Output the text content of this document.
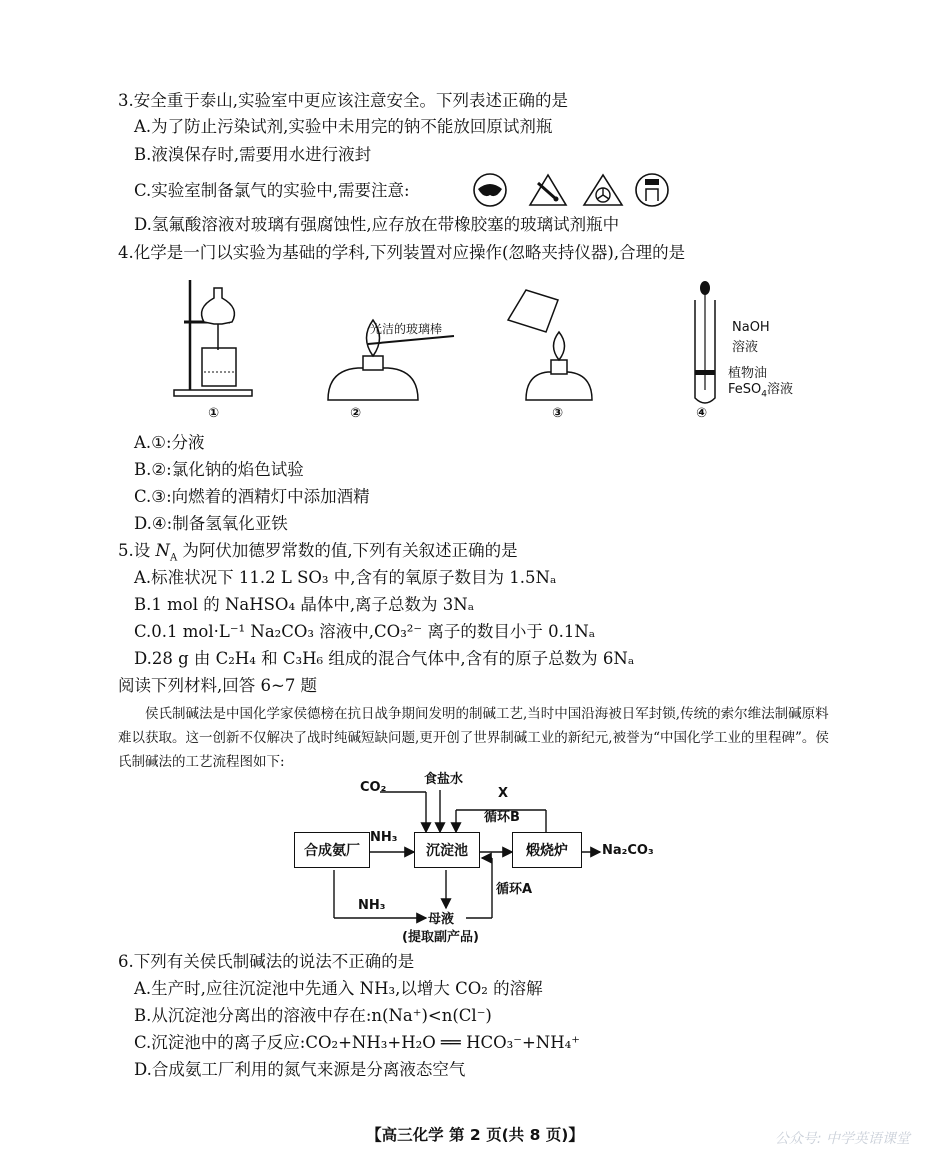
3.安全重于泰山,实验室中更应该注意安全。下列表述正确的是
A.为了防止污染试剂,实验中未用完的钠不能放回原试剂瓶
B.液溴保存时,需要用水进行液封
C.实验室制备氯气的实验中,需要注意:
D.氢氟酸溶液对玻璃有强腐蚀性,应存放在带橡胶塞的玻璃试剂瓶中
4.化学是一门以实验为基础的学科,下列装置对应操作(忽略夹持仪器),合理的是
①
光洁的玻璃棒
②	③
NaOH
溶液
植物油
FeSO$_4$溶液
④
A.①:分液
B.②:氯化钠的焰色试验
C.③:向燃着的酒精灯中添加酒精
D.④:制备氢氧化亚铁
5.设 $N_A$ 为阿伏加德罗常数的值,下列有关叙述正确的是
A.标准状况下 11.2 L SO₃ 中,含有的氧原子数目为 1.5Nₐ
B.1 mol 的 NaHSO₄ 晶体中,离子总数为 3Nₐ
C.0.1 mol·L⁻¹ Na₂CO₃ 溶液中,CO₃²⁻ 离子的数目小于 0.1Nₐ
D.28 g 由 C₂H₄ 和 C₃H₆ 组成的混合气体中,含有的原子总数为 6Nₐ
阅读下列材料,回答 6~7 题
侯氏制碱法是中国化学家侯德榜在抗日战争期间发明的制碱工艺,当时中国沿海被日军封锁,传统的索尔维法制碱原料难以获取。这一创新不仅解决了战时纯碱短缺问题,更开创了世界制碱工业的新纪元,被誉为“中国化学工业的里程碑”。侯氏制碱法的工艺流程图如下:
CO₂
食盐水
X
循环B
NH₃
合成氨厂	沉淀池	煅烧炉	Na₂CO₃
循环A
NH₃
母液
(提取副产品)
6.下列有关侯氏制碱法的说法不正确的是
A.生产时,应往沉淀池中先通入 NH₃,以增大 CO₂ 的溶解
B.从沉淀池分离出的溶液中存在:n(Na⁺)<n(Cl⁻)
C.沉淀池中的离子反应:CO₂+NH₃+H₂O ══ HCO₃⁻+NH₄⁺
D.合成氨工厂利用的氮气来源是分离液态空气
【高三化学 第 2 页(共 8 页)】	公众号: 中学英语课堂
